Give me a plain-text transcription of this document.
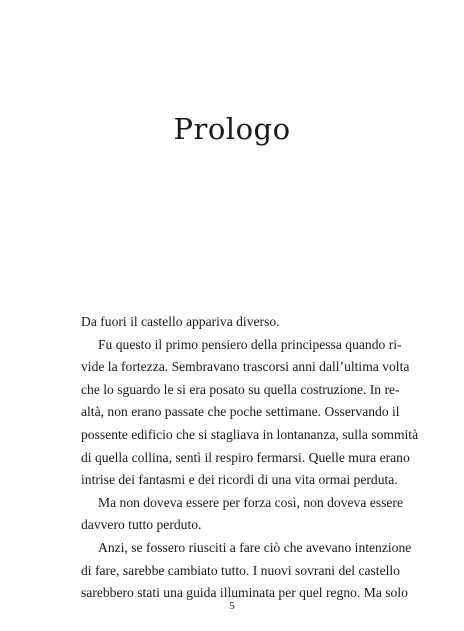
Prologo
Da fuori il castello appariva diverso.
Fu questo il primo pensiero della principessa quando ri-
vide la fortezza. Sembravano trascorsi anni dall’ultima volta
che lo sguardo le si era posato su quella costruzione. In re-
altà, non erano passate che poche settimane. Osservando il
possente edificio che si stagliava in lontananza, sulla sommità
di quella collina, sentì il respiro fermarsi. Quelle mura erano
intrise dei fantasmi e dei ricordi di una vita ormai perduta.
Ma non doveva essere per forza così, non doveva essere
davvero tutto perduto.
Anzi, se fossero riusciti a fare ciò che avevano intenzione
di fare, sarebbe cambiato tutto. I nuovi sovrani del castello
sarebbero stati una guida illuminata per quel regno. Ma solo
5
